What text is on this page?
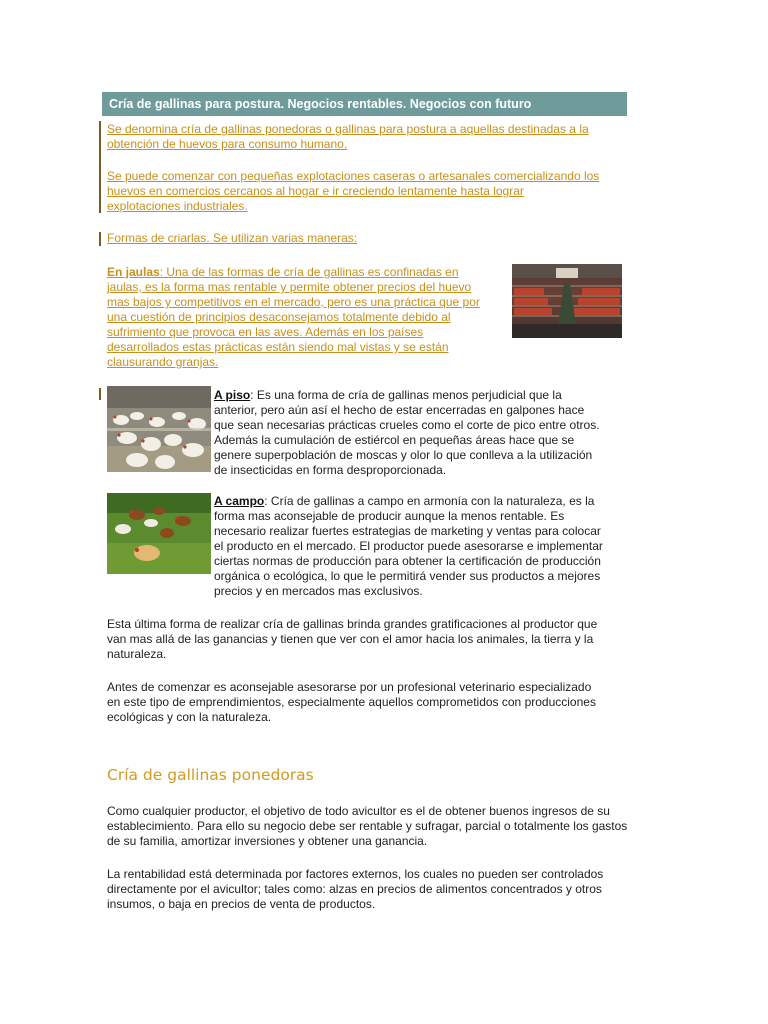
Cría de gallinas para postura. Negocios rentables. Negocios con futuro

Se denomina cría de gallinas ponedoras o gallinas para postura a aquellas destinadas a la
obtención de huevos para consumo humano.

Se puede comenzar con pequeñas explotaciones caseras o artesanales comercializando los
huevos en comercios cercanos al hogar e ir creciendo lentamente hasta lograr
explotaciones industriales.

Formas de criarlas. Se utilizan varias maneras:

En jaulas: Una de las formas de cría de gallinas es confinadas en
jaulas, es la forma mas rentable y permite obtener precios del huevo
mas bajos y competitivos en el mercado, pero es una práctica que por
una cuestión de principios desaconsejamos totalmente debido al
sufrimiento que provoca en las aves. Además en los países
desarrollados estas prácticas están siendo mal vistas y se están
clausurando granjas.

A piso: Es una forma de cría de gallinas menos perjudicial que la
anterior, pero aún así el hecho de estar encerradas en galpones hace
que sean necesarias prácticas crueles como el corte de pico entre otros.
Además la cumulación de estiércol en pequeñas áreas hace que se
genere superpoblación de moscas y olor lo que conlleva a la utilización
de insecticidas en forma desproporcionada.

A campo: Cría de gallinas a campo en armonía con la naturaleza, es la
forma mas aconsejable de producir aunque la menos rentable. Es
necesario realizar fuertes estrategias de marketing y ventas para colocar
el producto en el mercado. El productor puede asesorarse e implementar
ciertas normas de producción para obtener la certificación de producción
orgánica o ecológica, lo que le permitirá vender sus productos a mejores
precios y en mercados mas exclusivos.

Esta última forma de realizar cría de gallinas brinda grandes gratificaciones al productor que
van mas allá de las ganancias y tienen que ver con el amor hacia los animales, la tierra y la
naturaleza.

Antes de comenzar es aconsejable asesorarse por un profesional veterinario especializado
en este tipo de emprendimientos, especialmente aquellos comprometidos con producciones
ecológicas y con la naturaleza.

Cría de gallinas ponedoras

Como cualquier productor, el objetivo de todo avicultor es el de obtener buenos ingresos de su
establecimiento. Para ello su negocio debe ser rentable y sufragar, parcial o totalmente los gastos
de su familia, amortizar inversiones y obtener una ganancia.

La rentabilidad está determinada por factores externos, los cuales no pueden ser controlados
directamente por el avicultor; tales como: alzas en precios de alimentos concentrados y otros
insumos, o baja en precios de venta de productos.
